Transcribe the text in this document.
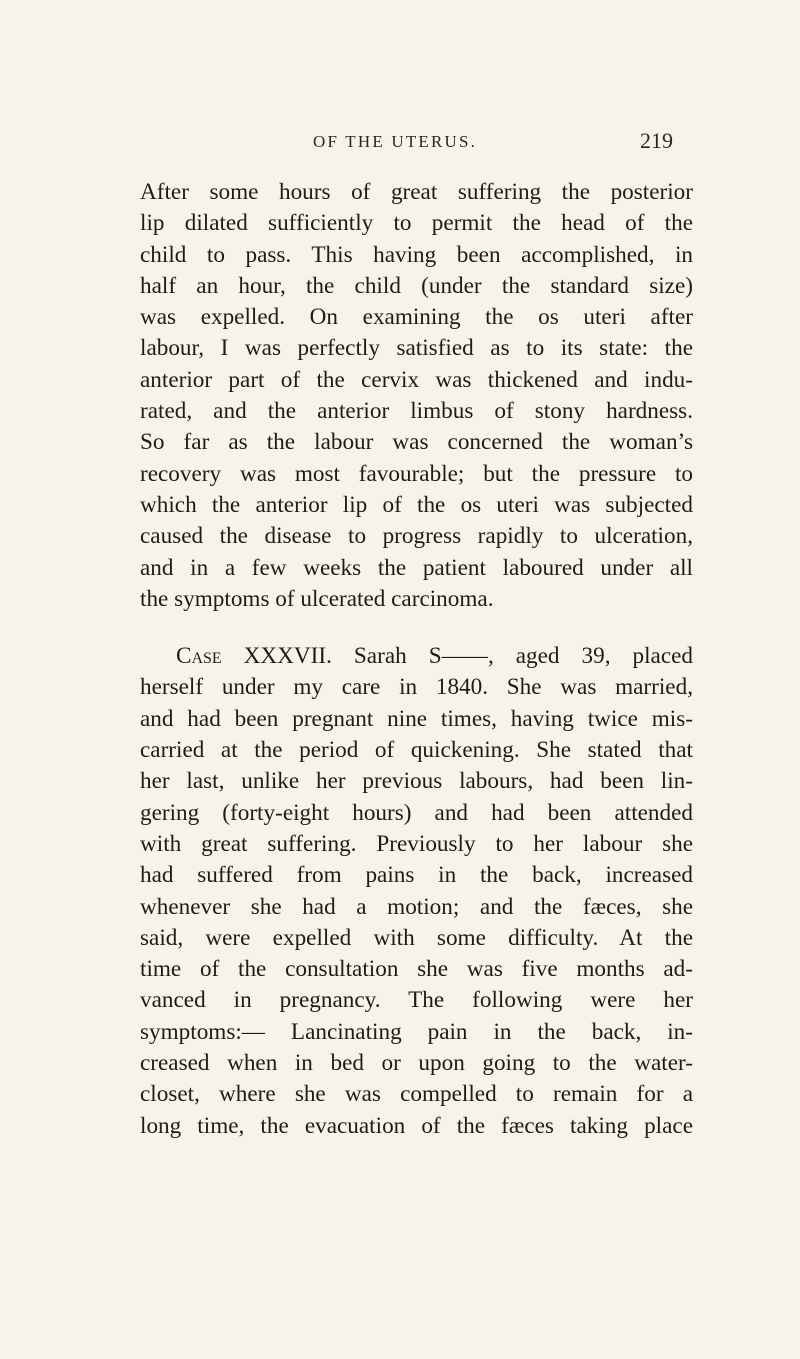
OF THE UTERUS.	219
After some hours of great suffering the posterior
lip dilated sufficiently to permit the head of the
child to pass. This having been accomplished, in
half an hour, the child (under the standard size)
was expelled. On examining the os uteri after
labour, I was perfectly satisfied as to its state: the
anterior part of the cervix was thickened and indu-
rated, and the anterior limbus of stony hardness.
So far as the labour was concerned the woman’s
recovery was most favourable; but the pressure to
which the anterior lip of the os uteri was subjected
caused the disease to progress rapidly to ulceration,
and in a few weeks the patient laboured under all
the symptoms of ulcerated carcinoma.
Case XXXVII. Sarah S——, aged 39, placed
herself under my care in 1840. She was married,
and had been pregnant nine times, having twice mis-
carried at the period of quickening. She stated that
her last, unlike her previous labours, had been lin-
gering (forty-eight hours) and had been attended
with great suffering. Previously to her labour she
had suffered from pains in the back, increased
whenever she had a motion; and the fæces, she
said, were expelled with some difficulty. At the
time of the consultation she was five months ad-
vanced in pregnancy. The following were her
symptoms:— Lancinating pain in the back, in-
creased when in bed or upon going to the water-
closet, where she was compelled to remain for a
long time, the evacuation of the fæces taking place
